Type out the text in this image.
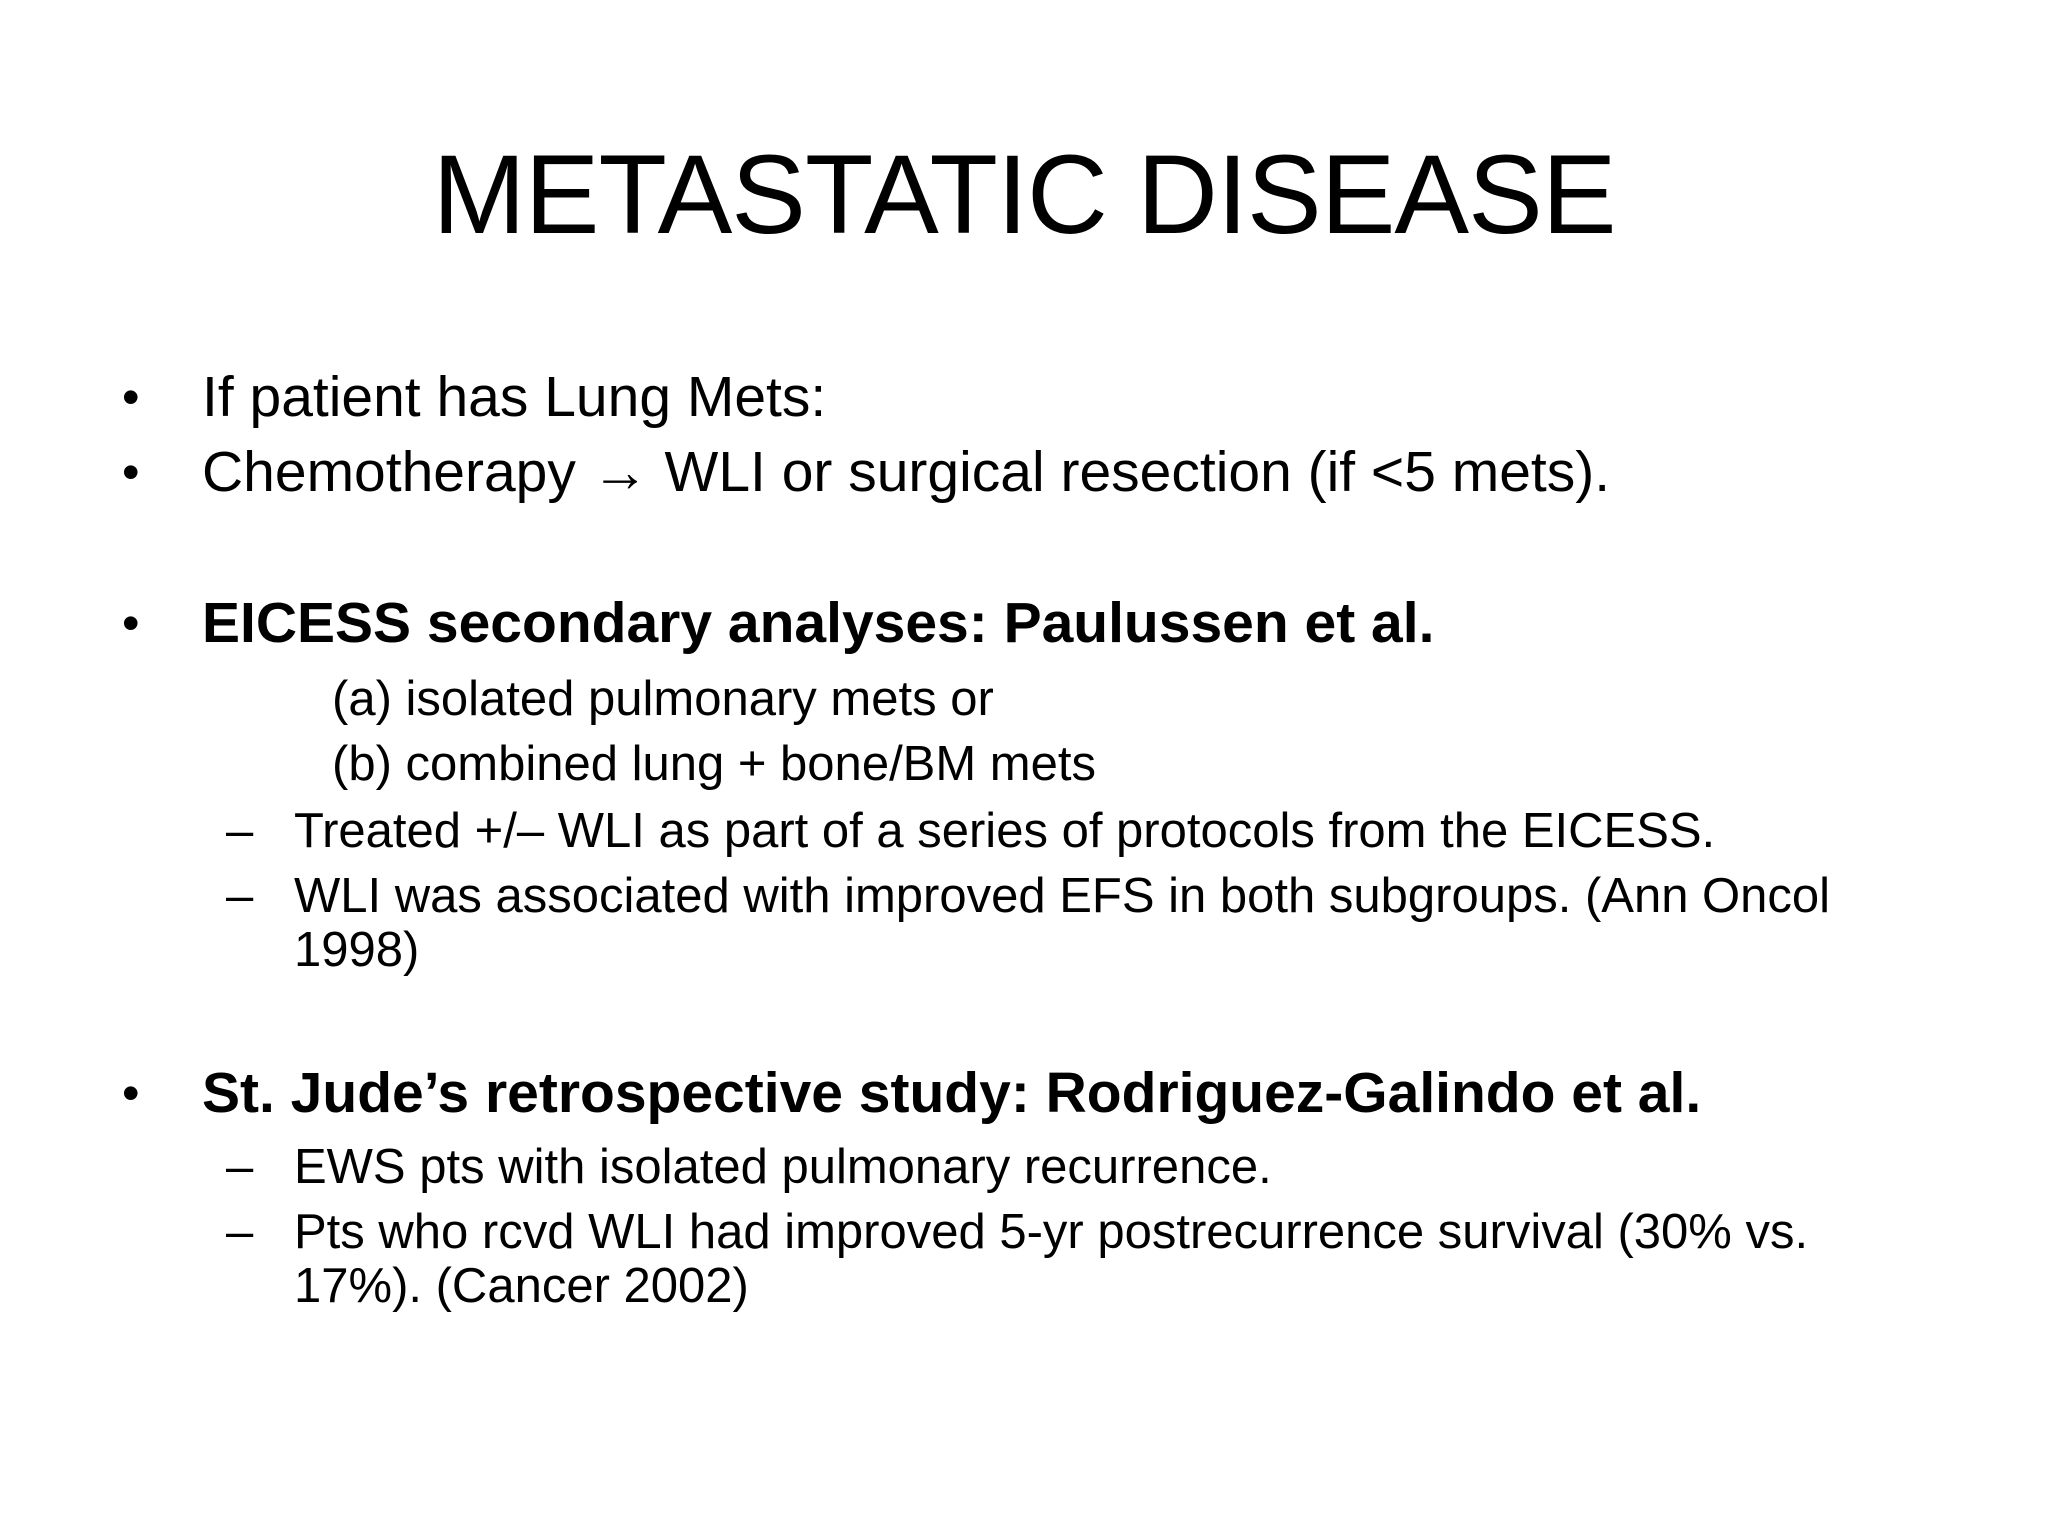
METASTATIC DISEASE
• If patient has Lung Mets:
• Chemotherapy → WLI or surgical resection (if <5 mets).
• EICESS secondary analyses: Paulussen et al.
(a) isolated pulmonary mets or
(b) combined lung + bone/BM mets
– Treated +/– WLI as part of a series of protocols from the EICESS.
– WLI was associated with improved EFS in both subgroups. (Ann Oncol
1998)
• St. Jude’s retrospective study: Rodriguez-Galindo et al.
– EWS pts with isolated pulmonary recurrence.
– Pts who rcvd WLI had improved 5-yr postrecurrence survival (30% vs.
17%). (Cancer 2002)
